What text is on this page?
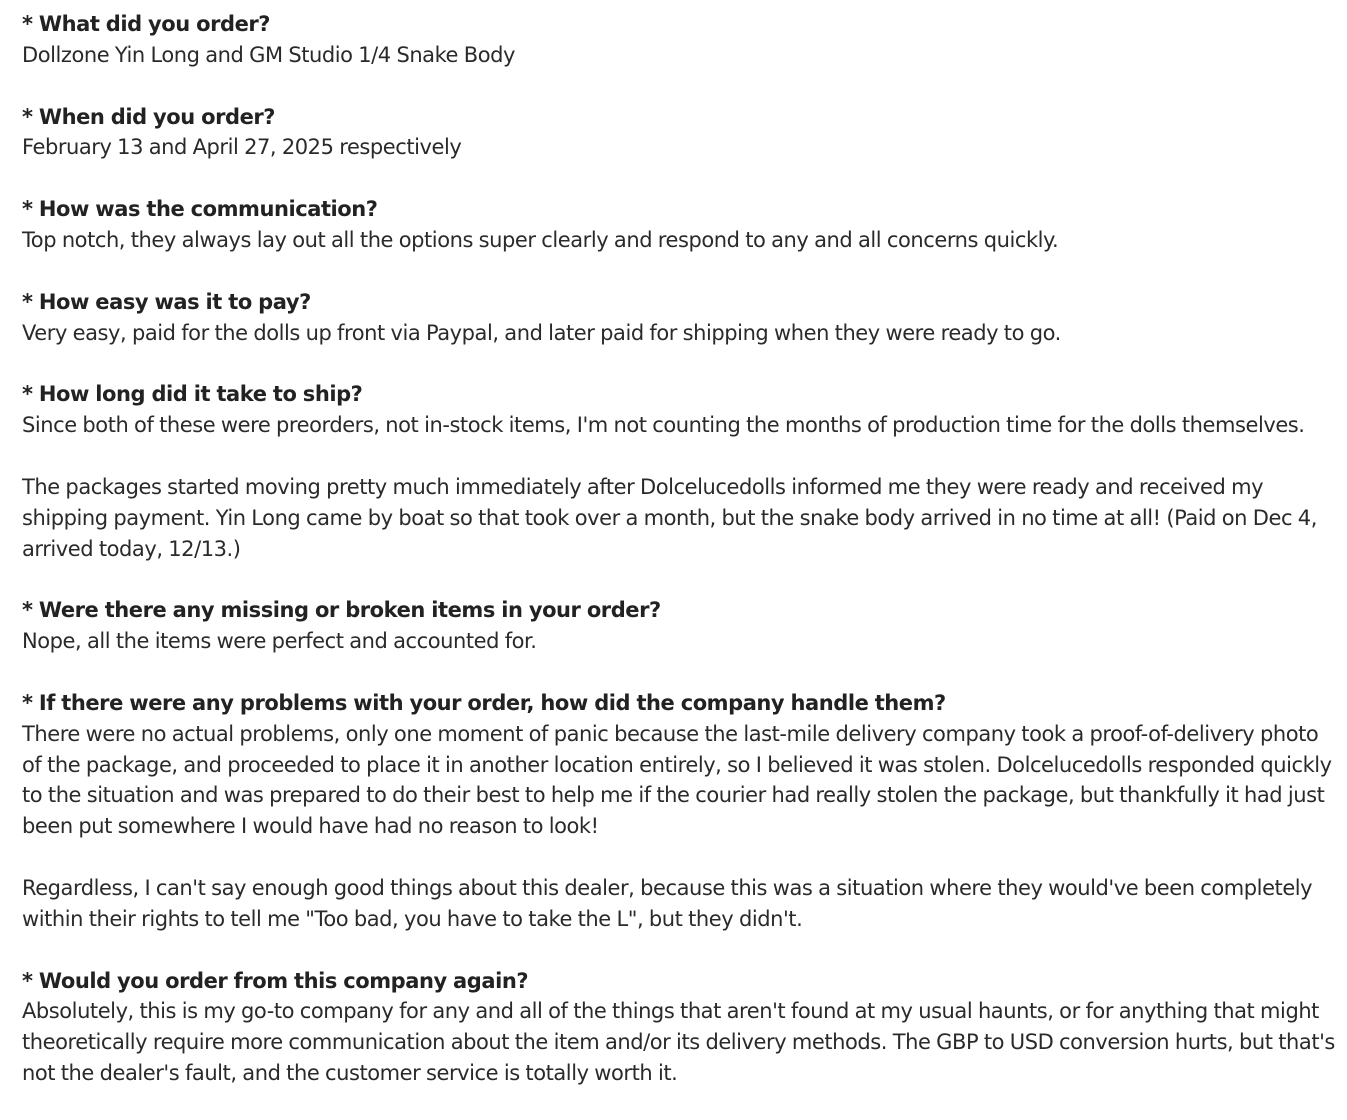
* What did you order?

Dollzone Yin Long and GM Studio 1/4 Snake Body

* When did you order?

February 13 and April 27, 2025 respectively

* How was the communication?

Top notch, they always lay out all the options super clearly and respond to any and all concerns quickly.

* How easy was it to pay?

Very easy, paid for the dolls up front via Paypal, and later paid for shipping when they were ready to go.

* How long did it take to ship?

Since both of these were preorders, not in-stock items, I'm not counting the months of production time for the dolls themselves.

The packages started moving pretty much immediately after Dolcelucedolls informed me they were ready and received my shipping payment. Yin Long came by boat so that took over a month, but the snake body arrived in no time at all! (Paid on Dec 4, arrived today, 12/13.)

* Were there any missing or broken items in your order?

Nope, all the items were perfect and accounted for.

* If there were any problems with your order, how did the company handle them?

There were no actual problems, only one moment of panic because the last-mile delivery company took a proof-of-delivery photo of the package, and proceeded to place it in another location entirely, so I believed it was stolen. Dolcelucedolls responded quickly to the situation and was prepared to do their best to help me if the courier had really stolen the package, but thankfully it had just been put somewhere I would have had no reason to look!

Regardless, I can't say enough good things about this dealer, because this was a situation where they would've been completely within their rights to tell me "Too bad, you have to take the L", but they didn't.

* Would you order from this company again?

Absolutely, this is my go-to company for any and all of the things that aren't found at my usual haunts, or for anything that might theoretically require more communication about the item and/or its delivery methods. The GBP to USD conversion hurts, but that's not the dealer's fault, and the customer service is totally worth it.
